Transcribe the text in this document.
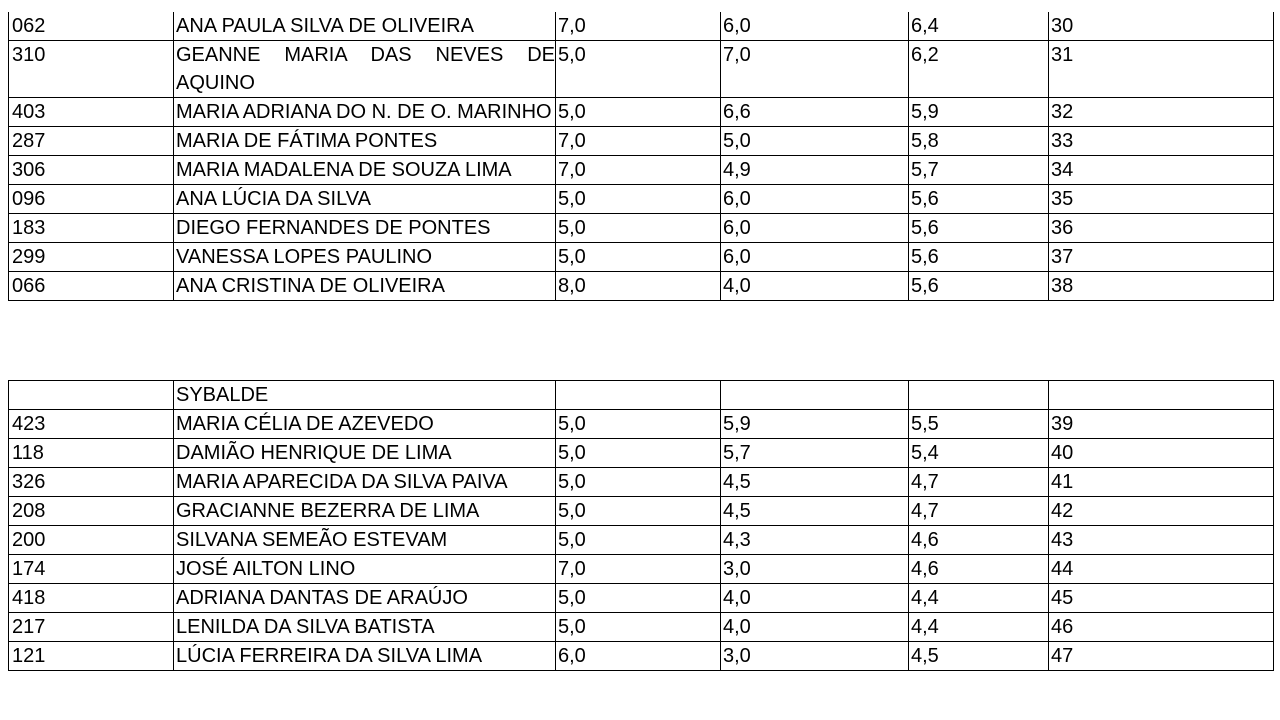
062	ANA PAULA SILVA DE OLIVEIRA	7,0	6,0	6,4	30
310	GEANNE MARIA DAS NEVES DE AQUINO	5,0	7,0	6,2	31
403	MARIA ADRIANA DO N. DE O. MARINHO	5,0	6,6	5,9	32
287	MARIA DE FÁTIMA PONTES	7,0	5,0	5,8	33
306	MARIA MADALENA DE SOUZA LIMA	7,0	4,9	5,7	34
096	ANA LÚCIA DA SILVA	5,0	6,0	5,6	35
183	DIEGO FERNANDES DE PONTES	5,0	6,0	5,6	36
299	VANESSA LOPES PAULINO	5,0	6,0	5,6	37
066	ANA CRISTINA DE OLIVEIRA	8,0	4,0	5,6	38
	SYBALDE				
423	MARIA CÉLIA DE AZEVEDO	5,0	5,9	5,5	39
118	DAMIÃO HENRIQUE DE LIMA	5,0	5,7	5,4	40
326	MARIA APARECIDA DA SILVA PAIVA	5,0	4,5	4,7	41
208	GRACIANNE BEZERRA DE LIMA	5,0	4,5	4,7	42
200	SILVANA SEMEÃO ESTEVAM	5,0	4,3	4,6	43
174	JOSÉ AILTON LINO	7,0	3,0	4,6	44
418	ADRIANA DANTAS DE ARAÚJO	5,0	4,0	4,4	45
217	LENILDA DA SILVA BATISTA	5,0	4,0	4,4	46
121	LÚCIA FERREIRA DA SILVA LIMA	6,0	3,0	4,5	47
